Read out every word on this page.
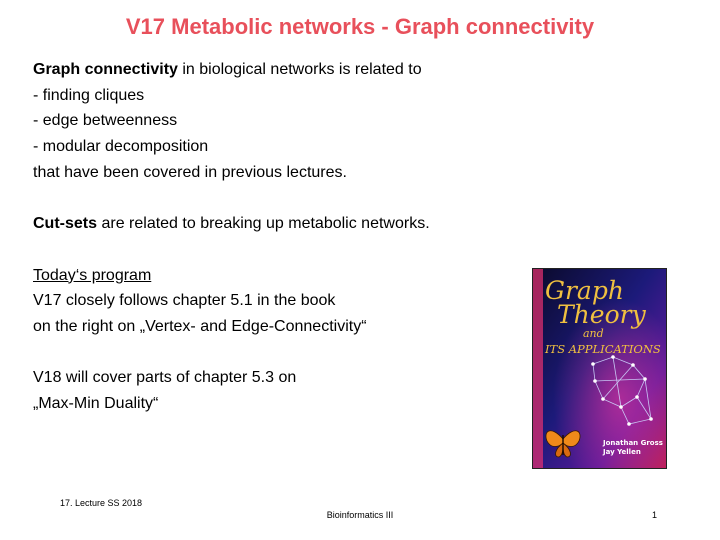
V17 Metabolic networks - Graph connectivity

Graph connectivity in biological networks is related to

- finding cliques

- edge betweenness

- modular decomposition

that have been covered in previous lectures.

Cut-sets are related to breaking up metabolic networks.

Today‘s program

V17 closely follows chapter 5.1 in the book

on the right on „Vertex- and Edge-Connectivity“

V18 will cover parts of chapter 5.3 on

„Max-Min Duality“

Graph
Theory
and
ITS APPLICATIONS
Jonathan Gross
Jay Yellen
17. Lecture SS 2018
Bioinformatics III	1
